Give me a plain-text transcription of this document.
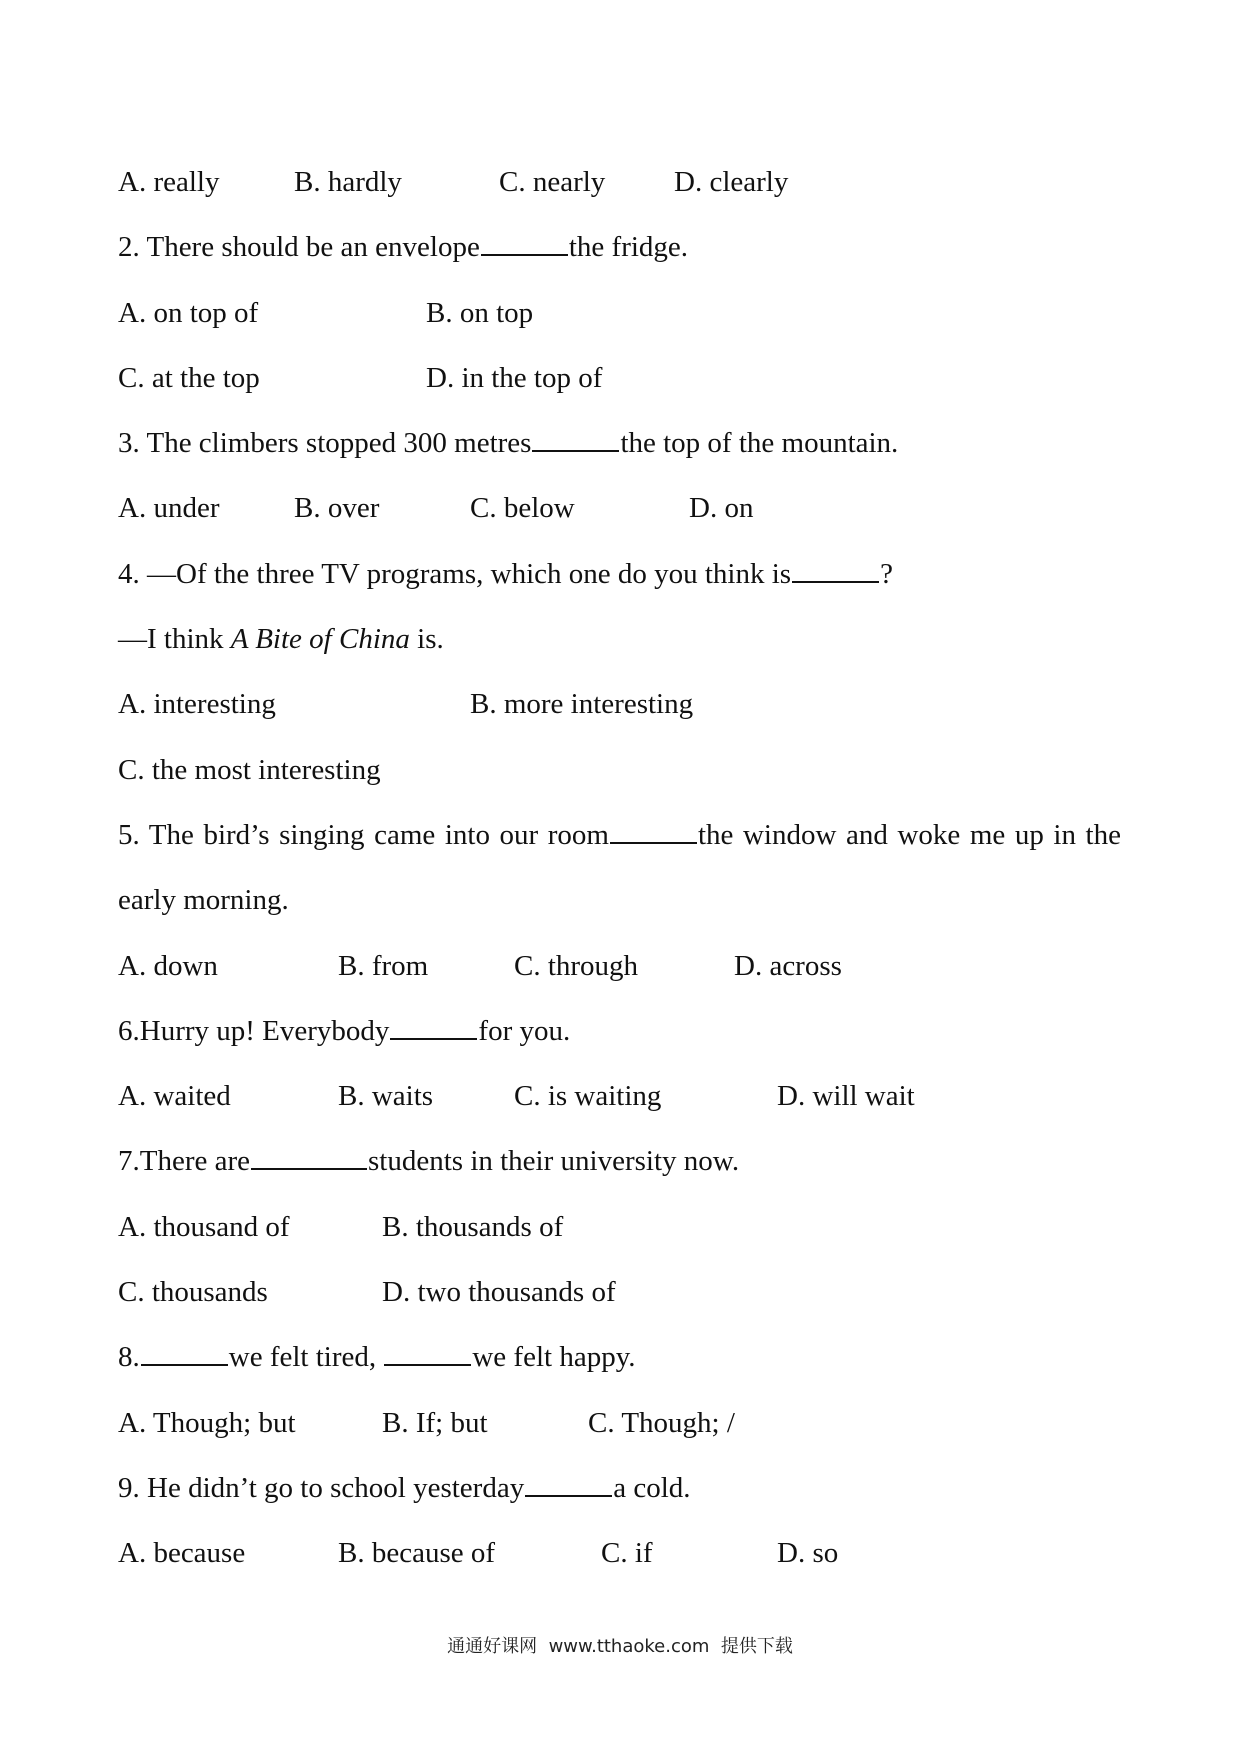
A. really	B. hardly	C. nearly D. clearly
2. There should be an envelope	the fridge.
A. on top of	B. on top
C. at the top	D. in the top of
3. The climbers stopped 300 metres	the top of the mountain.
A. under	B. over	C. below	D. on
4. —Of the three TV programs, which one do you think is	?
—I think A Bite of China is.
A. interesting	B. more interesting
C. the most interesting
5. The bird’s singing came into our room	the window and woke me up in the early morning.
A. down	B. from	C. through	D. across
6.Hurry up! Everybody	for you.
A. waited	B. waits	C. is waiting	D. will wait
7.There are	students in their university now.
A. thousand of	B. thousands of
C. thousands	D. two thousands of
8.	we felt tired,	we felt happy.
A. Though; but	B. If; but	C. Though; /
9. He didn’t go to school yesterday	a cold.
A. because	B. because of	C. if	D. so
通通好课网  www.tthaoke.com  提供下载
